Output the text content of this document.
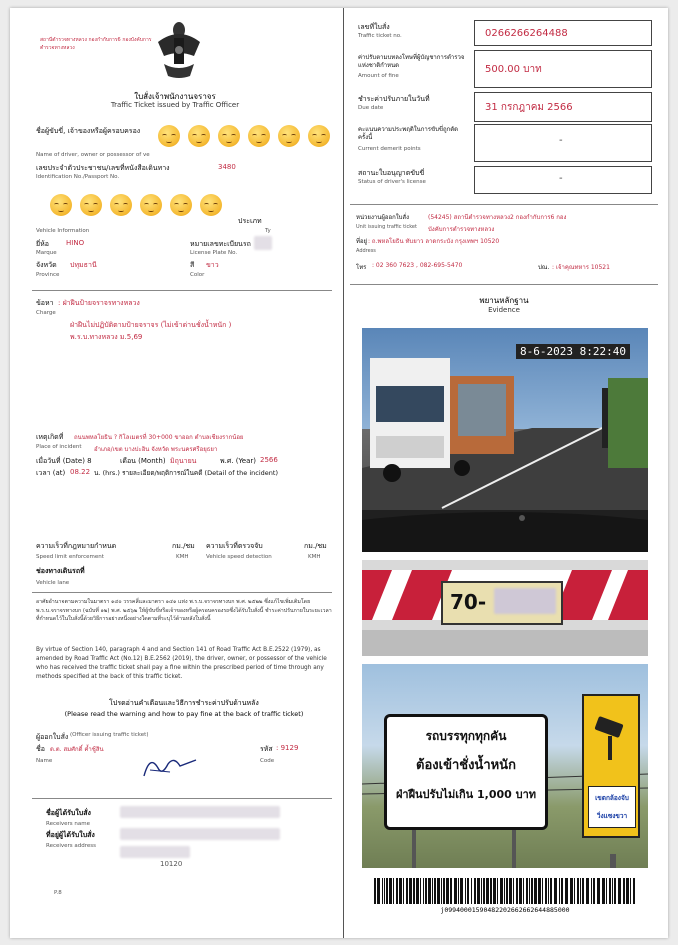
สถานีตำรวจทางหลวง กองกำกับการ6 กองบังคับการตำรวจทางหลวง
ใบสั่งเจ้าพนักงานจราจร
Traffic Ticket issued by Traffic Officer
ชื่อผู้ขับขี่, เจ้าของหรือผู้ครอบครอง
Name of driver, owner or possessor of ve
เลขประจำตัวประชาชน/เลขที่หนังสือเดินทาง	3480
Identification No./Passport No.
ประเภท
Vehicle Information	Ty
ยี่ห้อ HINO	หมายเลขทะเบียนรถ
Marque	License Plate No.
จังหวัด ปทุมธานี	สี ขาว
Province	Color
ข้อหา : ฝ่าฝืนป้ายจราจรทางหลวง
Charge
ฝ่าฝืนไม่ปฏิบัติตามป้ายจราจร (ไม่เข้าด่านชั่งน้ำหนัก )
พ.ร.บ.ทางหลวง ม.5,69
เหตุเกิดที่ ถนนพหลโยธิน ? กิโลเมตรที่ 30+000 ขาออก ตำบลเชียงรากน้อย
Place of incident อำเภอ/เขต บางปะอิน จังหวัด พระนครศรีอยุธยา
เมื่อวันที่ (Date) 8	เดือน (Month) มิถุนายน	พ.ศ. (Year) 2566
เวลา (at) 08.22 น. (hrs.) รายละเอียด/พฤติการณ์ในคดี (Detail of the incident)
ความเร็วที่กฎหมายกำหนด	กม./ชม ความเร็วที่ตรวจจับ	กม./ชม
Speed limit enforcement	KMH	Vehicle speed detection	KMH
ช่องทางเดินรถที่
Vehicle lane
อาศัยอำนาจตามความในมาตรา ๑๔๐ วรรคสี่และมาตรา ๑๔๑ แห่ง พ.ร.บ.จราจรทางบก พ.ศ. ๒๕๒๒ ซึ่งแก้ไขเพิ่มเติมโดย พ.ร.บ.จราจรทางบก (ฉบับที่ ๑๒) พ.ศ. ๒๕๖๒ ให้ผู้ขับขี่หรือเจ้าของหรือผู้ครอบครองรถซึ่งได้รับใบสั่งนี้ ชำระค่าปรับภายในระยะเวลาที่กำหนดไว้ในใบสั่งนี้ด้วยวิธีการอย่างหนึ่งอย่างใดตามที่ระบุไว้ด้านหลังใบสั่งนี้
By virtue of Section 140, paragraph 4 and and Section 141 of Road Traffic Act B.E.2522 (1979), as amended by Road Traffic Act (No.12) B.E.2562 (2019), the driver, owner, or possessor of the vehicle who has received the traffic ticket shall pay a fine within the prescribed period of time through any methods specified at the back of this traffic ticket.
โปรดอ่านคำเตือนและวิธีการชำระค่าปรับด้านหลัง
(Please read the warning and how to pay fine at the back of traffic ticket)
ผู้ออกใบสั่ง (Officer issuing traffic ticket)
ชื่อ ด.ต. สมศักดิ์ ค้ำชู้สิน	รหัส : 9129
Name	Code
ชื่อผู้ได้รับใบสั่ง
Receivers name
ที่อยู่ผู้ได้รับใบสั่ง
Receivers address
10120
P.8
เลขที่ใบสั่ง
Traffic ticket no.	0266266264488
ค่าปรับตามบทลงโทษที่ผู้บัญชาการตำรวจแห่งชาติกำหนด
Amount of fine
500.00 บาท
ชำระค่าปรับภายในวันที่
Due date	31 กรกฎาคม 2566
คะแนนความประพฤติในการขับขี่ถูกตัดครั้งนี้
Current demerit points
-
สถานะใบอนุญาตขับขี่
Status of driver's license	-
หน่วยงานผู้ออกใบสั่ง	(54245) สถานีตำรวจทางหลวง2 กองกำกับการ6 กอง
Unit issuing traffic ticket บังคับการตำรวจทางหลวง
ที่อยู่ : ถ.พหลโยธิน ทับยาว ลาดกระบัง กรุงเทพฯ 10520
Address
โทร : 02 360 7623 , 082-695-5470	ปณ. : เจ้าคุณทหาร 10521
พยานหลักฐาน
Evidence
8-6-2023 8:22:40
70-
รถบรรทุกทุกคัน
ต้องเข้าชั่งน้ำหนัก
ฝ่าฝืนปรับไม่เกิน 1,000 บาท	เขตกล้องจับ
วิ่งแซงขวา
j09940001590482202662662644885000
